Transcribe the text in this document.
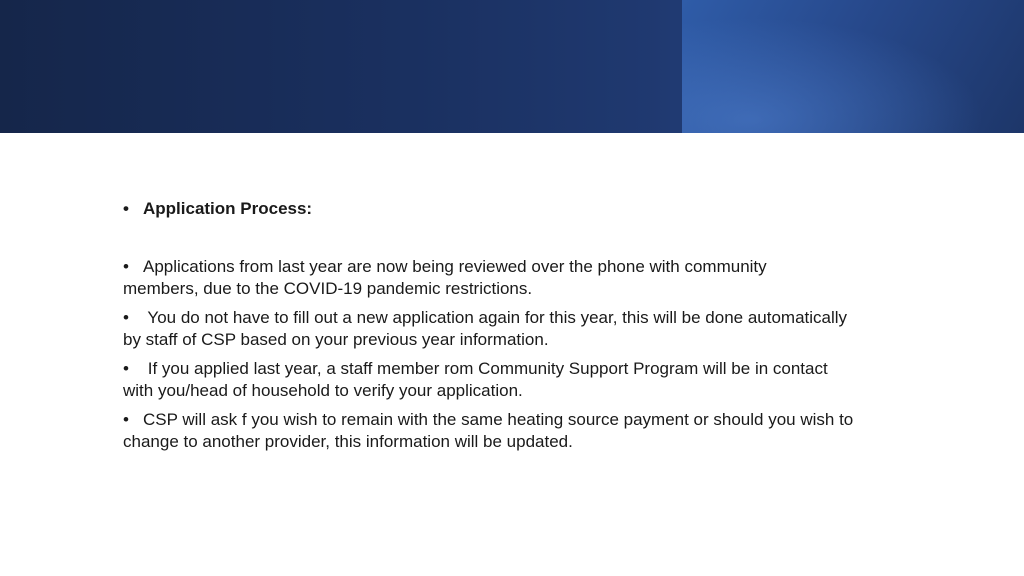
• Application Process:
• Applications from last year are now being reviewed over the phone with community
members, due to the COVID-19 pandemic restrictions.
• You do not have to fill out a new application again for this year, this will be done automatically
by staff of CSP based on your previous year information.
• If you applied last year, a staff member rom Community Support Program will be in contact
with you/head of household to verify your application.
• CSP will ask f you wish to remain with the same heating source payment or should you wish to
change to another provider, this information will be updated.
